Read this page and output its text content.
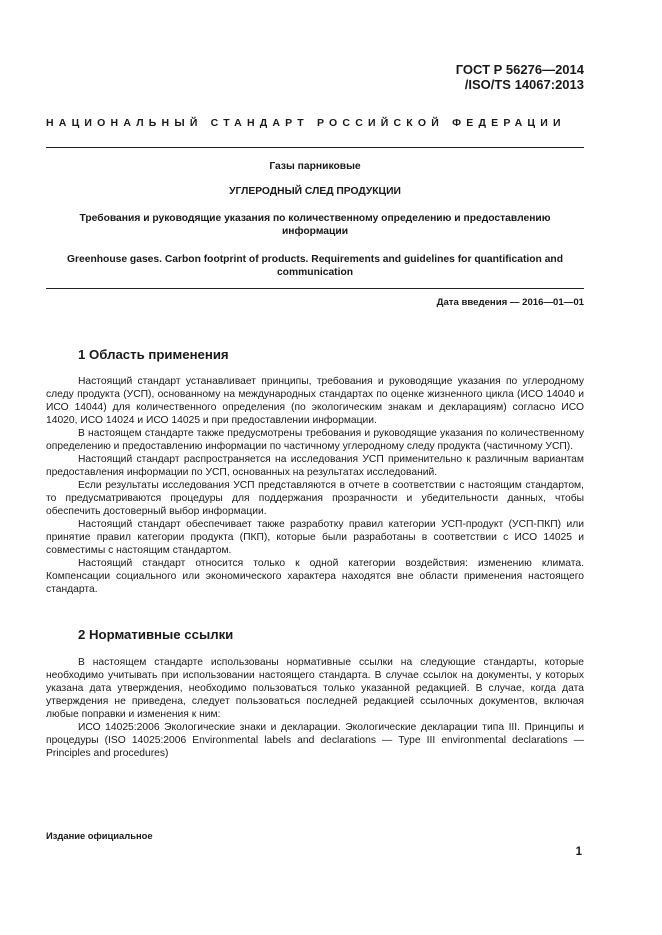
ГОСТ Р 56276—2014
/ISO/TS 14067:2013
НАЦИОНАЛЬНЫЙ СТАНДАРТ РОССИЙСКОЙ ФЕДЕРАЦИИ
Газы парниковые
УГЛЕРОДНЫЙ СЛЕД ПРОДУКЦИИ
Требования и руководящие указания по количественному определению и предоставлению информации
Greenhouse gases. Carbon footprint of products. Requirements and guidelines for quantification and communication
Дата введения — 2016—01—01
1 Область применения

Настоящий стандарт устанавливает принципы, требования и руководящие указания по углеродному следу продукта (УСП), основанному на международных стандартах по оценке жизненного цикла (ИСО 14040 и ИСО 14044) для количественного определения (по экологическим знакам и декларациям) согласно ИСО 14020, ИСО 14024 и ИСО 14025 и при предоставлении информации.

В настоящем стандарте также предусмотрены требования и руководящие указания по количественному определению и предоставлению информации по частичному углеродному следу продукта (частичному УСП).

Настоящий стандарт распространяется на исследования УСП применительно к различным вариантам предоставления информации по УСП, основанных на результатах исследований.

Если результаты исследования УСП представляются в отчете в соответствии с настоящим стандартом, то предусматриваются процедуры для поддержания прозрачности и убедительности данных, чтобы обеспечить достоверный выбор информации.

Настоящий стандарт обеспечивает также разработку правил категории УСП-продукт (УСП-ПКП) или принятие правил категории продукта (ПКП), которые были разработаны в соответствии с ИСО 14025 и совместимы с настоящим стандартом.

Настоящий стандарт относится только к одной категории воздействия: изменению климата. Компенсации социального или экономического характера находятся вне области применения настоящего стандарта.

2 Нормативные ссылки

В настоящем стандарте использованы нормативные ссылки на следующие стандарты, которые необходимо учитывать при использовании настоящего стандарта. В случае ссылок на документы, у которых указана дата утверждения, необходимо пользоваться только указанной редакцией. В случае, когда дата утверждения не приведена, следует пользоваться последней редакцией ссылочных документов, включая любые поправки и изменения к ним:

ИСО 14025:2006 Экологические знаки и декларации. Экологические декларации типа III. Принципы и процедуры (ISO 14025:2006 Environmental labels and declarations — Type III environmental declarations — Principles and procedures)

Издание официальное
1
